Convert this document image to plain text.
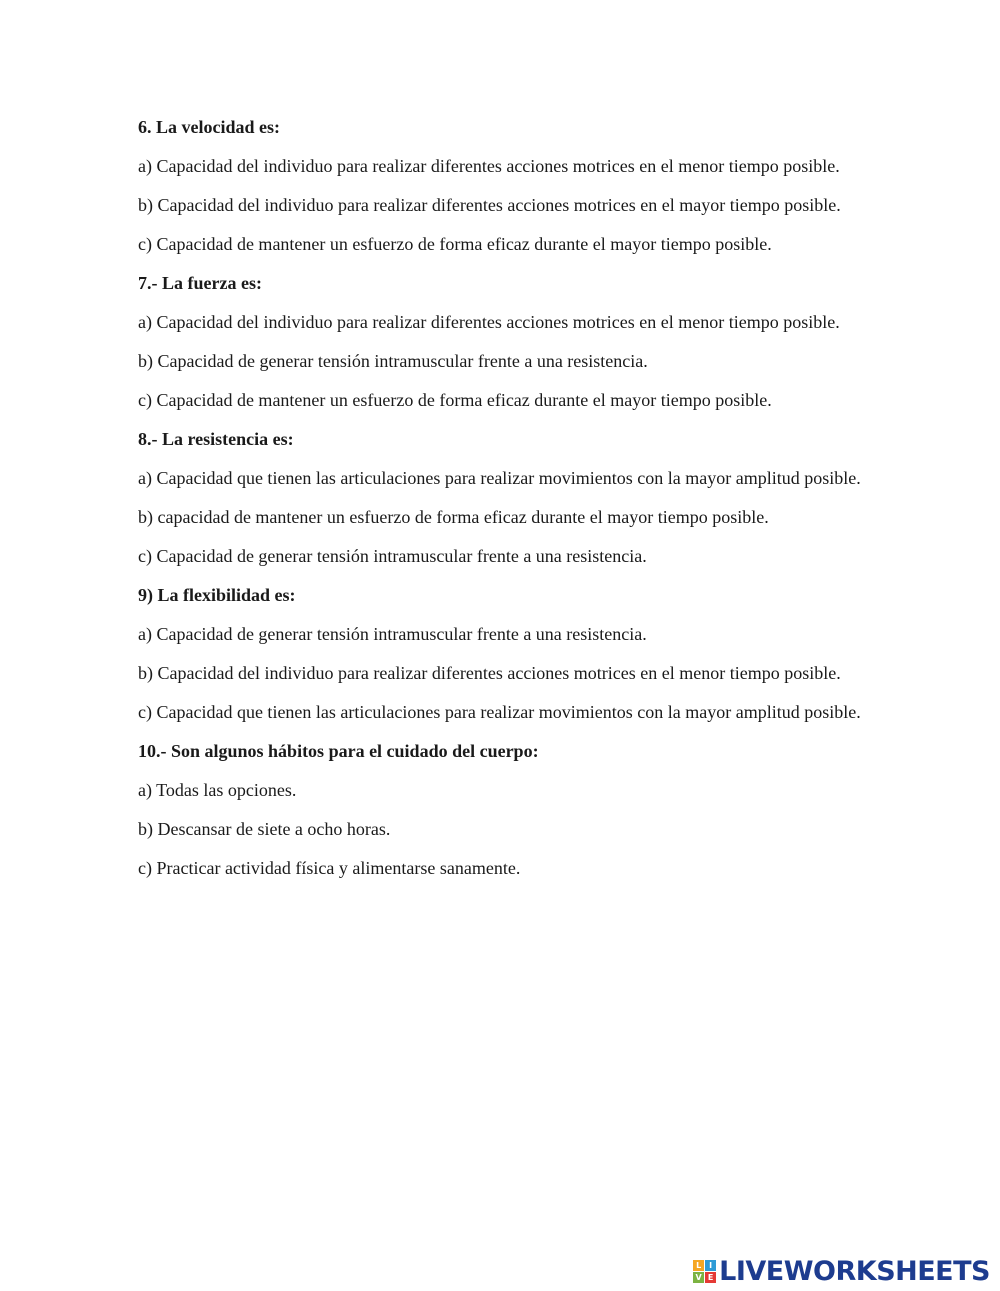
6. La velocidad es:

a) Capacidad del individuo para realizar diferentes acciones motrices en el menor tiempo posible.

b) Capacidad del individuo para realizar diferentes acciones motrices en el mayor tiempo posible.

c) Capacidad de mantener un esfuerzo de forma eficaz durante el mayor tiempo posible.

7.- La fuerza es:

a) Capacidad del individuo para realizar diferentes acciones motrices en el menor tiempo posible.

b) Capacidad de generar tensión intramuscular frente a una resistencia.

c) Capacidad de mantener un esfuerzo de forma eficaz durante el mayor tiempo posible.

8.- La resistencia es:

a) Capacidad que tienen las articulaciones para realizar movimientos con la mayor amplitud posible.

b) capacidad de mantener un esfuerzo de forma eficaz durante el mayor tiempo posible.

c) Capacidad de generar tensión intramuscular frente a una resistencia.

9) La flexibilidad es:

a) Capacidad de generar tensión intramuscular frente a una resistencia.

b) Capacidad del individuo para realizar diferentes acciones motrices en el menor tiempo posible.

c) Capacidad que tienen las articulaciones para realizar movimientos con la mayor amplitud posible.

10.- Son algunos hábitos para el cuidado del cuerpo:

a) Todas las opciones.

b) Descansar de siete a ocho horas.

c) Practicar actividad física y alimentarse sanamente.

L I
V E LIVEWORKSHEETS
